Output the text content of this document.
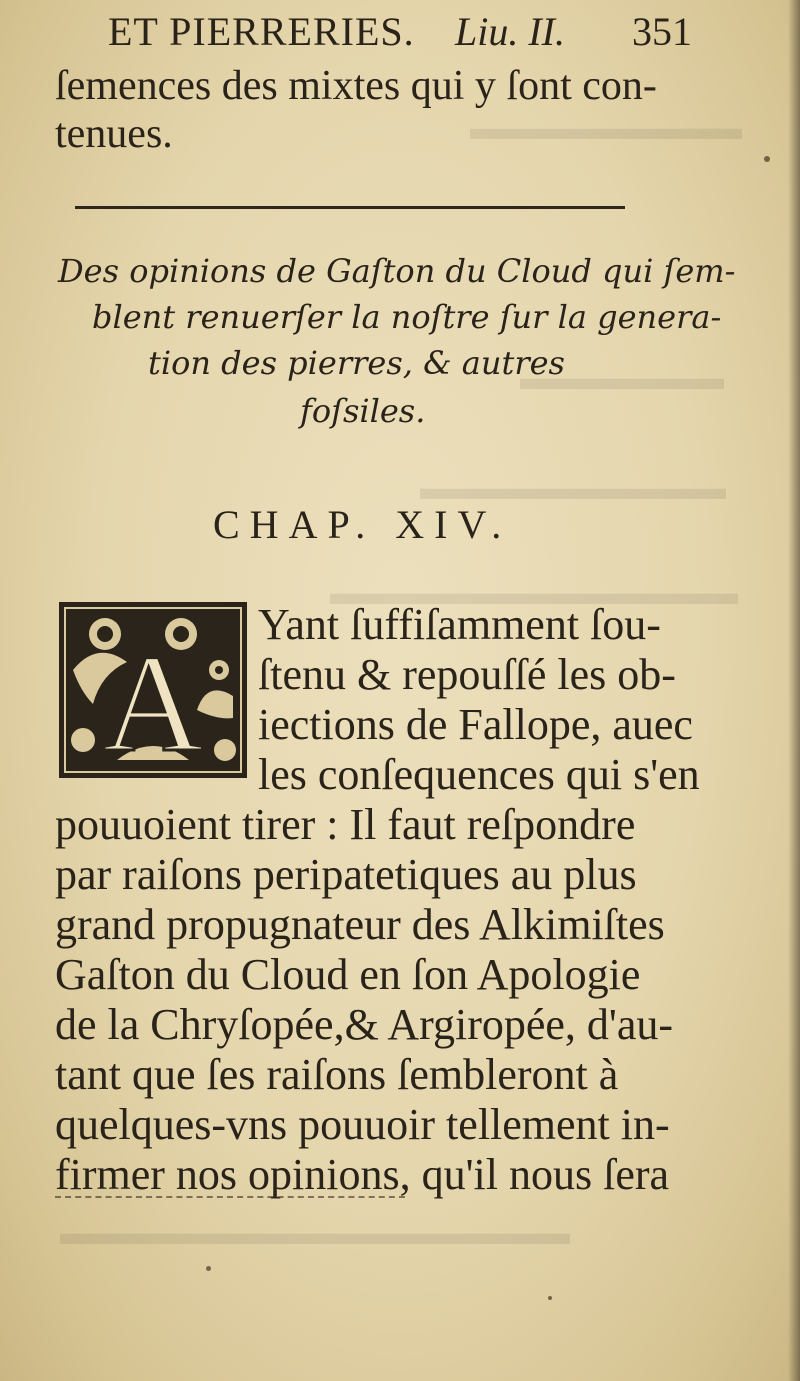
▬▬▬▬▬▬▬▬
▬▬▬▬▬▬
▬▬▬▬▬▬▬▬▬
▬▬▬▬▬▬▬▬▬▬▬▬
▬▬▬▬▬▬▬▬▬▬▬▬▬▬▬
ET PIERRERIES. Liu. II. 351
ſemences des mixtes qui y ſont con-
tenues.
Des opinions de Gaſton du Cloud qui ſem-
blent renuerſer la noſtre ſur la genera-
tion des pierres, & autres
foſsiles.
CHAP. XIV.
A
Yant ſuffiſamment ſou-
ſtenu & repouſſé les ob-
iections de Fallope, auec
les conſequences qui s'en
pouuoient tirer : Il faut reſpondre
par raiſons peripatetiques au plus
grand propugnateur des Alkimiſtes
Gaſton du Cloud en ſon Apologie
de la Chryſopée,& Argiropée, d'au-
tant que ſes raiſons ſembleront à
quelques-vns pouuoir tellement in-
firmer nos opinions, qu'il nous ſera
